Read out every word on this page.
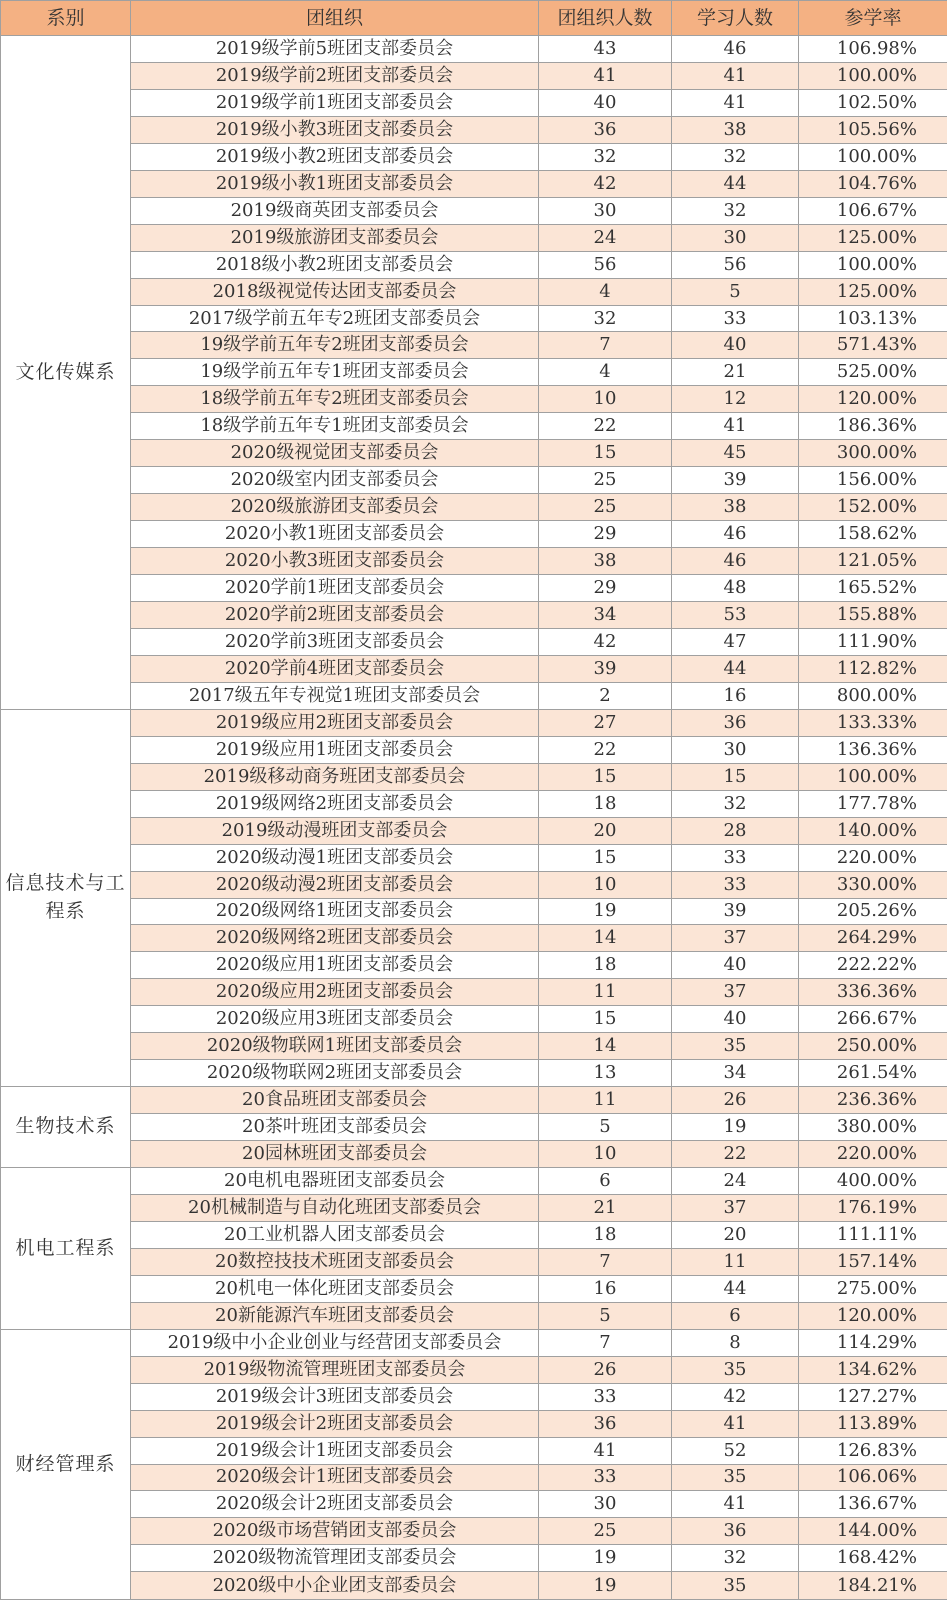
系别	团组织	团组织人数	学习人数	参学率
文化传媒系	2019级学前5班团支部委员会	43	46	106.98%
	2019级学前2班团支部委员会	41	41	100.00%
	2019级学前1班团支部委员会	40	41	102.50%
	2019级小教3班团支部委员会	36	38	105.56%
	2019级小教2班团支部委员会	32	32	100.00%
	2019级小教1班团支部委员会	42	44	104.76%
	2019级商英团支部委员会	30	32	106.67%
	2019级旅游团支部委员会	24	30	125.00%
	2018级小教2班团支部委员会	56	56	100.00%
	2018级视觉传达团支部委员会	4	5	125.00%
	2017级学前五年专2班团支部委员会	32	33	103.13%
	19级学前五年专2班团支部委员会	7	40	571.43%
	19级学前五年专1班团支部委员会	4	21	525.00%
	18级学前五年专2班团支部委员会	10	12	120.00%
	18级学前五年专1班团支部委员会	22	41	186.36%
	2020级视觉团支部委员会	15	45	300.00%
	2020级室内团支部委员会	25	39	156.00%
	2020级旅游团支部委员会	25	38	152.00%
	2020小教1班团支部委员会	29	46	158.62%
	2020小教3班团支部委员会	38	46	121.05%
	2020学前1班团支部委员会	29	48	165.52%
	2020学前2班团支部委员会	34	53	155.88%
	2020学前3班团支部委员会	42	47	111.90%
	2020学前4班团支部委员会	39	44	112.82%
	2017级五年专视觉1班团支部委员会	2	16	800.00%
信息技术与工程系	2019级应用2班团支部委员会	27	36	133.33%
	2019级应用1班团支部委员会	22	30	136.36%
	2019级移动商务班团支部委员会	15	15	100.00%
	2019级网络2班团支部委员会	18	32	177.78%
	2019级动漫班团支部委员会	20	28	140.00%
	2020级动漫1班团支部委员会	15	33	220.00%
	2020级动漫2班团支部委员会	10	33	330.00%
	2020级网络1班团支部委员会	19	39	205.26%
	2020级网络2班团支部委员会	14	37	264.29%
	2020级应用1班团支部委员会	18	40	222.22%
	2020级应用2班团支部委员会	11	37	336.36%
	2020级应用3班团支部委员会	15	40	266.67%
	2020级物联网1班团支部委员会	14	35	250.00%
	2020级物联网2班团支部委员会	13	34	261.54%
生物技术系	20食品班团支部委员会	11	26	236.36%
	20茶叶班团支部委员会	5	19	380.00%
	20园林班团支部委员会	10	22	220.00%
机电工程系	20电机电器班团支部委员会	6	24	400.00%
	20机械制造与自动化班团支部委员会	21	37	176.19%
	20工业机器人团支部委员会	18	20	111.11%
	20数控技技术班团支部委员会	7	11	157.14%
	20机电一体化班团支部委员会	16	44	275.00%
	20新能源汽车班团支部委员会	5	6	120.00%
财经管理系	2019级中小企业创业与经营团支部委员会	7	8	114.29%
	2019级物流管理班团支部委员会	26	35	134.62%
	2019级会计3班团支部委员会	33	42	127.27%
	2019级会计2班团支部委员会	36	41	113.89%
	2019级会计1班团支部委员会	41	52	126.83%
	2020级会计1班团支部委员会	33	35	106.06%
	2020级会计2班团支部委员会	30	41	136.67%
	2020级市场营销团支部委员会	25	36	144.00%
	2020级物流管理团支部委员会	19	32	168.42%
	2020级中小企业团支部委员会	19	35	184.21%
